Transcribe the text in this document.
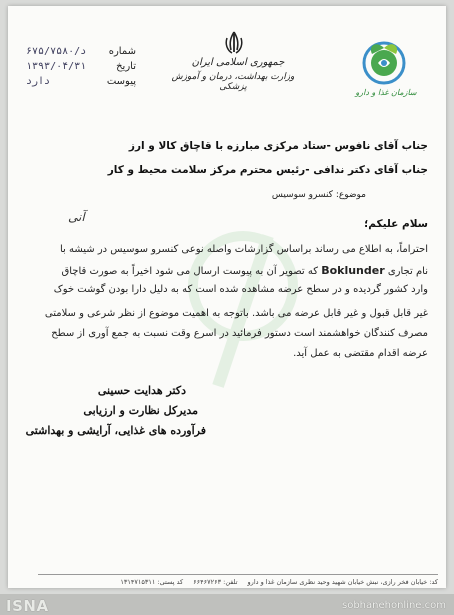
سازمان غذا و دارو
جمهوری اسلامی ایران
وزارت بهداشت، درمان و آموزش پزشکی
د/۶۷۵/۷۵۸۰ شماره
۱۳۹۳/۰۴/۳۱	تاریخ
دارد	پیوست
جناب آقای نافوس -ستاد مرکزی مبارزه با قاچاق کالا و ارز
جناب آقای دکتر ندافی -رئیس محترم مرکز سلامت محیط و کار
موضوع: کنسرو سوسیس
سلام علیکم؛
آنی
احتراماً، به اطلاع می رساند براساس گزارشات واصله نوعی کنسرو سوسیس در شیشه با
نام تجاری Boklunder که تصویر آن به پیوست ارسال می شود اخیراً به صورت قاچاق
وارد کشور گردیده و در سطح عرضه مشاهده شده است که به دلیل دارا بودن گوشت خوک
غیر قابل قبول و غیر قابل عرضه می باشد. باتوجه به اهمیت موضوع از نظر شرعی و سلامتی
مصرف کنندگان خواهشمند است دستور فرمائید در اسرع وقت نسبت به جمع آوری از سطح
عرضه اقدام مقتضی به عمل آید.
دکتر هدایت حسینی
مدیرکل نظارت و ارزیابی
فرآورده های غذایی، آرایشی و بهداشتی
کد: خیابان فخر رازی، نبش خیابان شهید وحید نظری سازمان غذا و دارو
تلفن: ۶۶۴۶۷۲۶۳
کد پستی: ۱۳۱۴۷۱۵۳۱۱
ISNA	sobhanehonline.com
